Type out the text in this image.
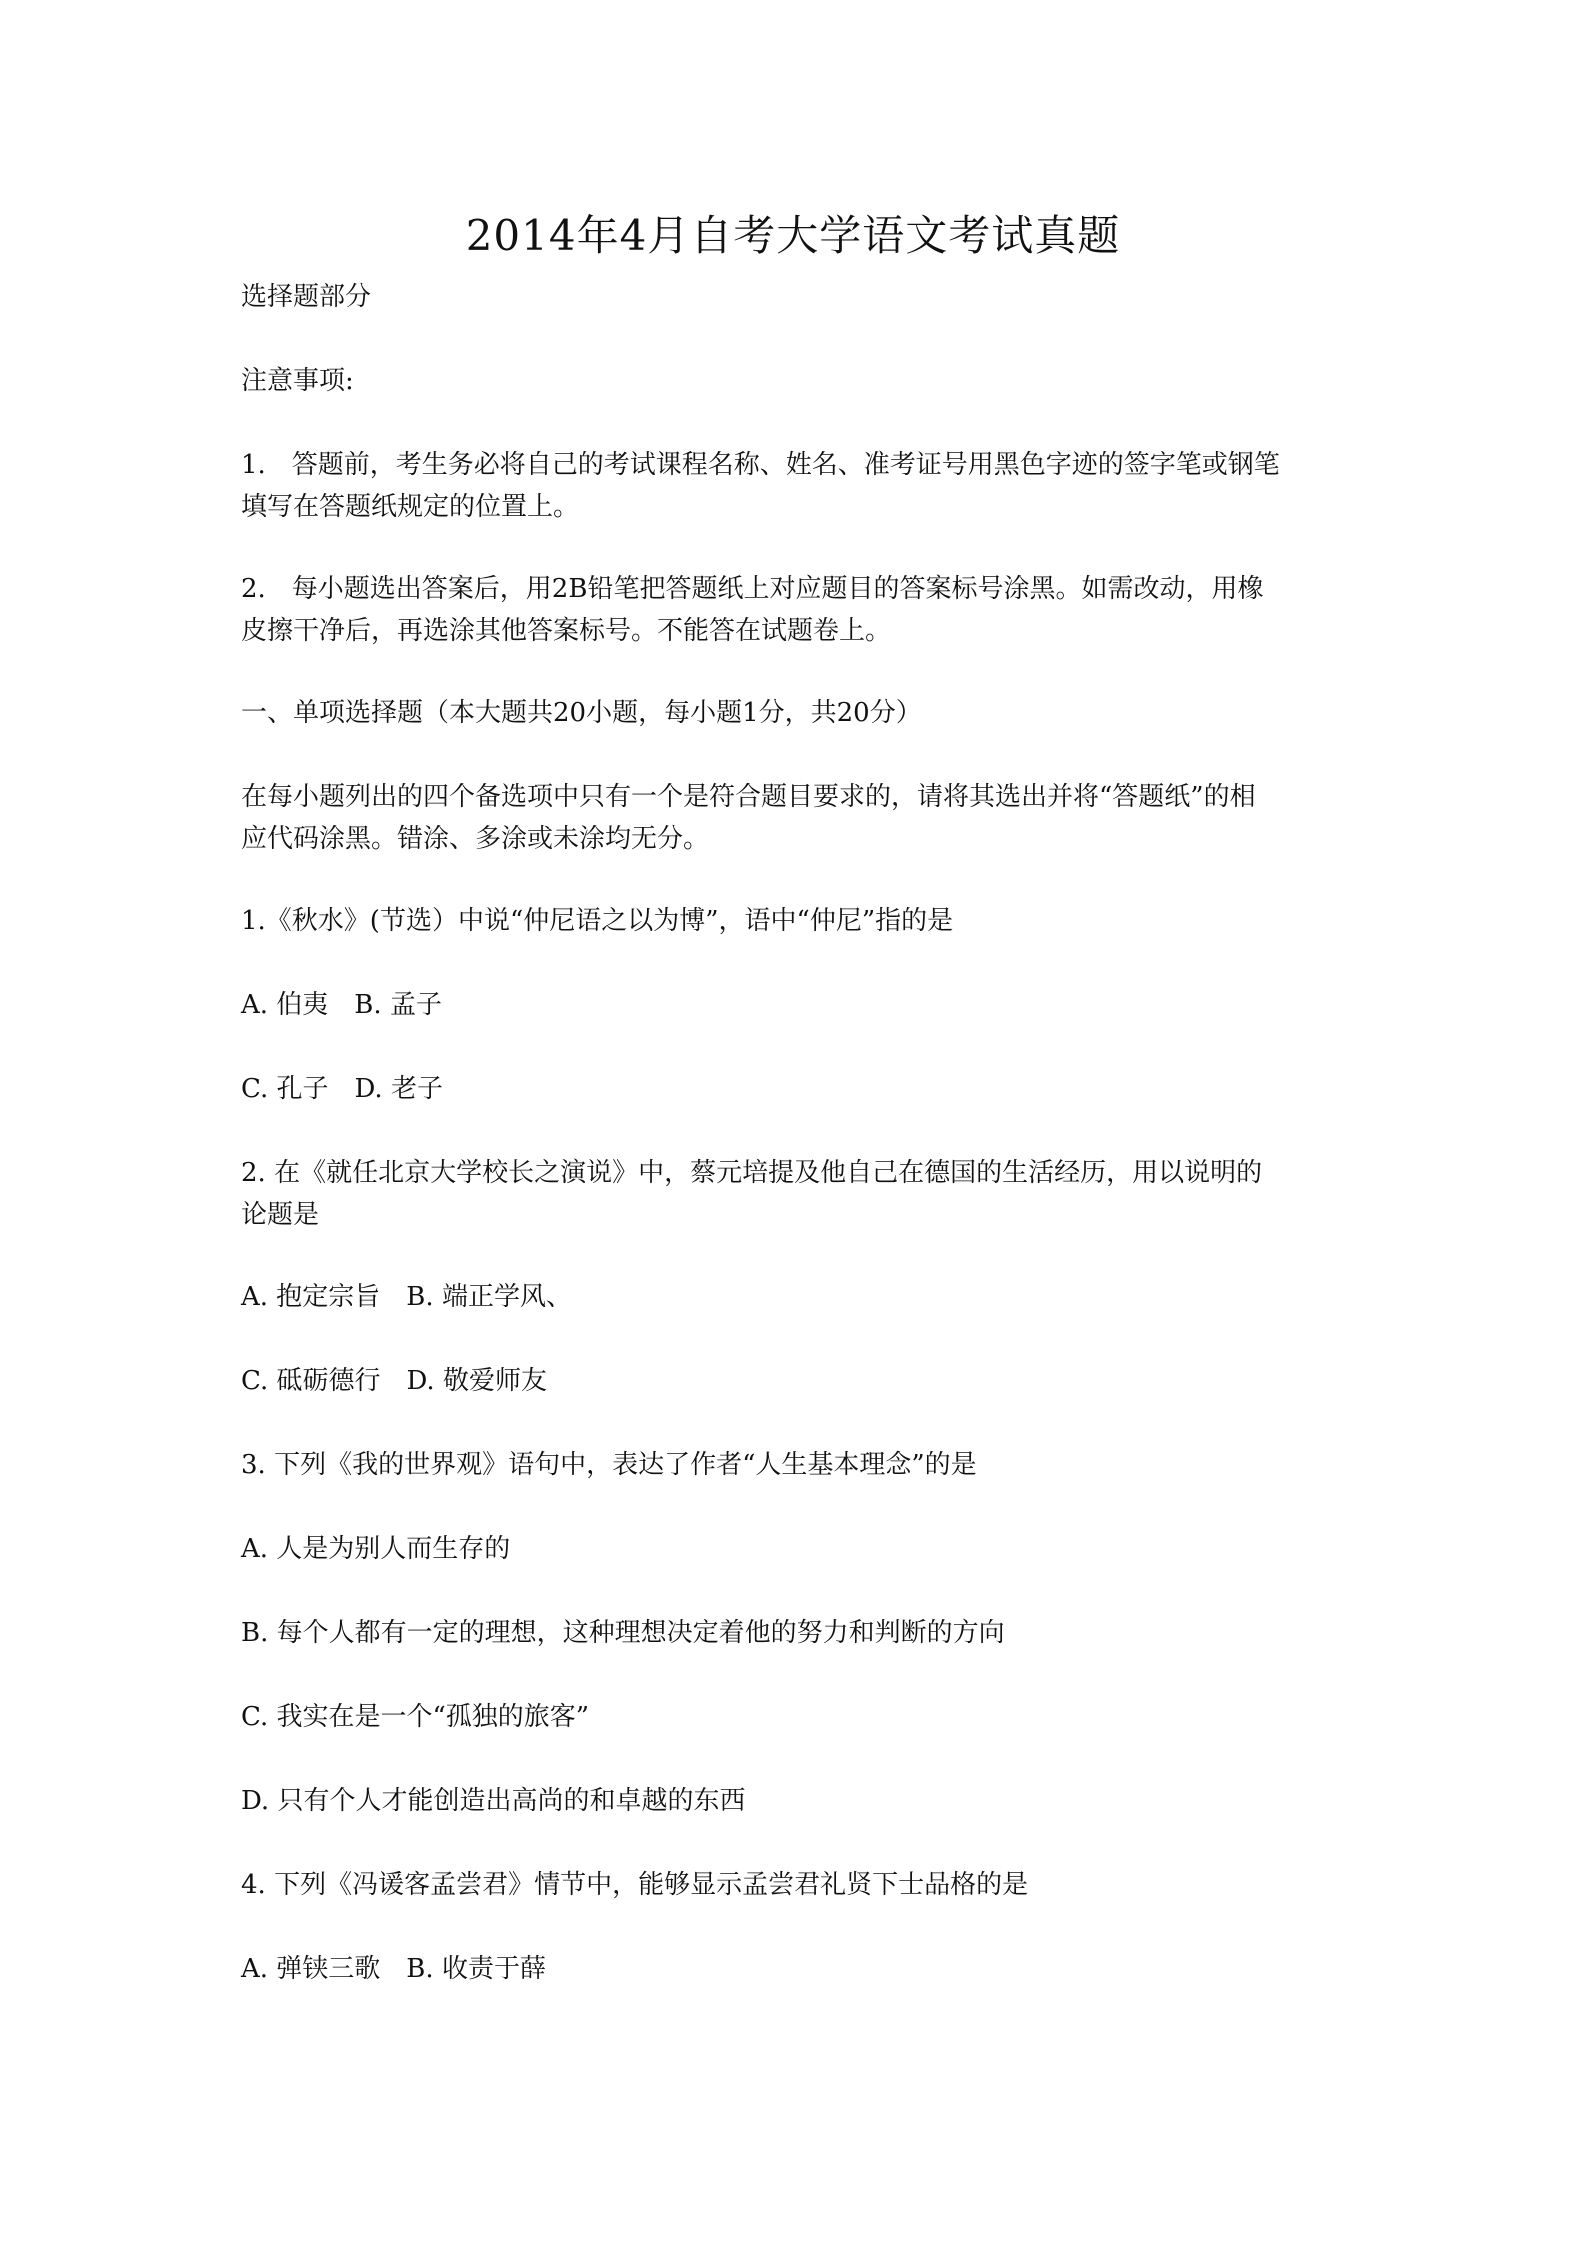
2014年4月自考大学语文考试真题
选择题部分
注意事项:
1.　答题前，考生务必将自己的考试课程名称、姓名、准考证号用黑色字迹的签字笔或钢笔
填写在答题纸规定的位置上。
2.　每小题选出答案后，用2B铅笔把答题纸上对应题目的答案标号涂黑。如需改动，用橡
皮擦干净后，再选涂其他答案标号。不能答在试题卷上。
一、单项选择题（本大题共20小题，每小题1分，共20分）
在每小题列出的四个备选项中只有一个是符合题目要求的，请将其选出并将“答题纸”的相
应代码涂黑。错涂、多涂或未涂均无分。
1.《秋水》(节选）中说“仲尼语之以为博”，语中“仲尼”指的是
A. 伯夷　B. 孟子
C. 孔子　D. 老子
2. 在《就任北京大学校长之演说》中，蔡元培提及他自己在德国的生活经历，用以说明的
论题是
A. 抱定宗旨　B. 端正学风、
C. 砥砺德行　D. 敬爱师友
3. 下列《我的世界观》语句中，表达了作者“人生基本理念”的是
A. 人是为别人而生存的
B. 每个人都有一定的理想，这种理想决定着他的努力和判断的方向
C. 我实在是一个“孤独的旅客”
D. 只有个人才能创造出高尚的和卓越的东西
4. 下列《冯谖客孟尝君》情节中，能够显示孟尝君礼贤下士品格的是
A. 弹铗三歌　B. 收责于薛
